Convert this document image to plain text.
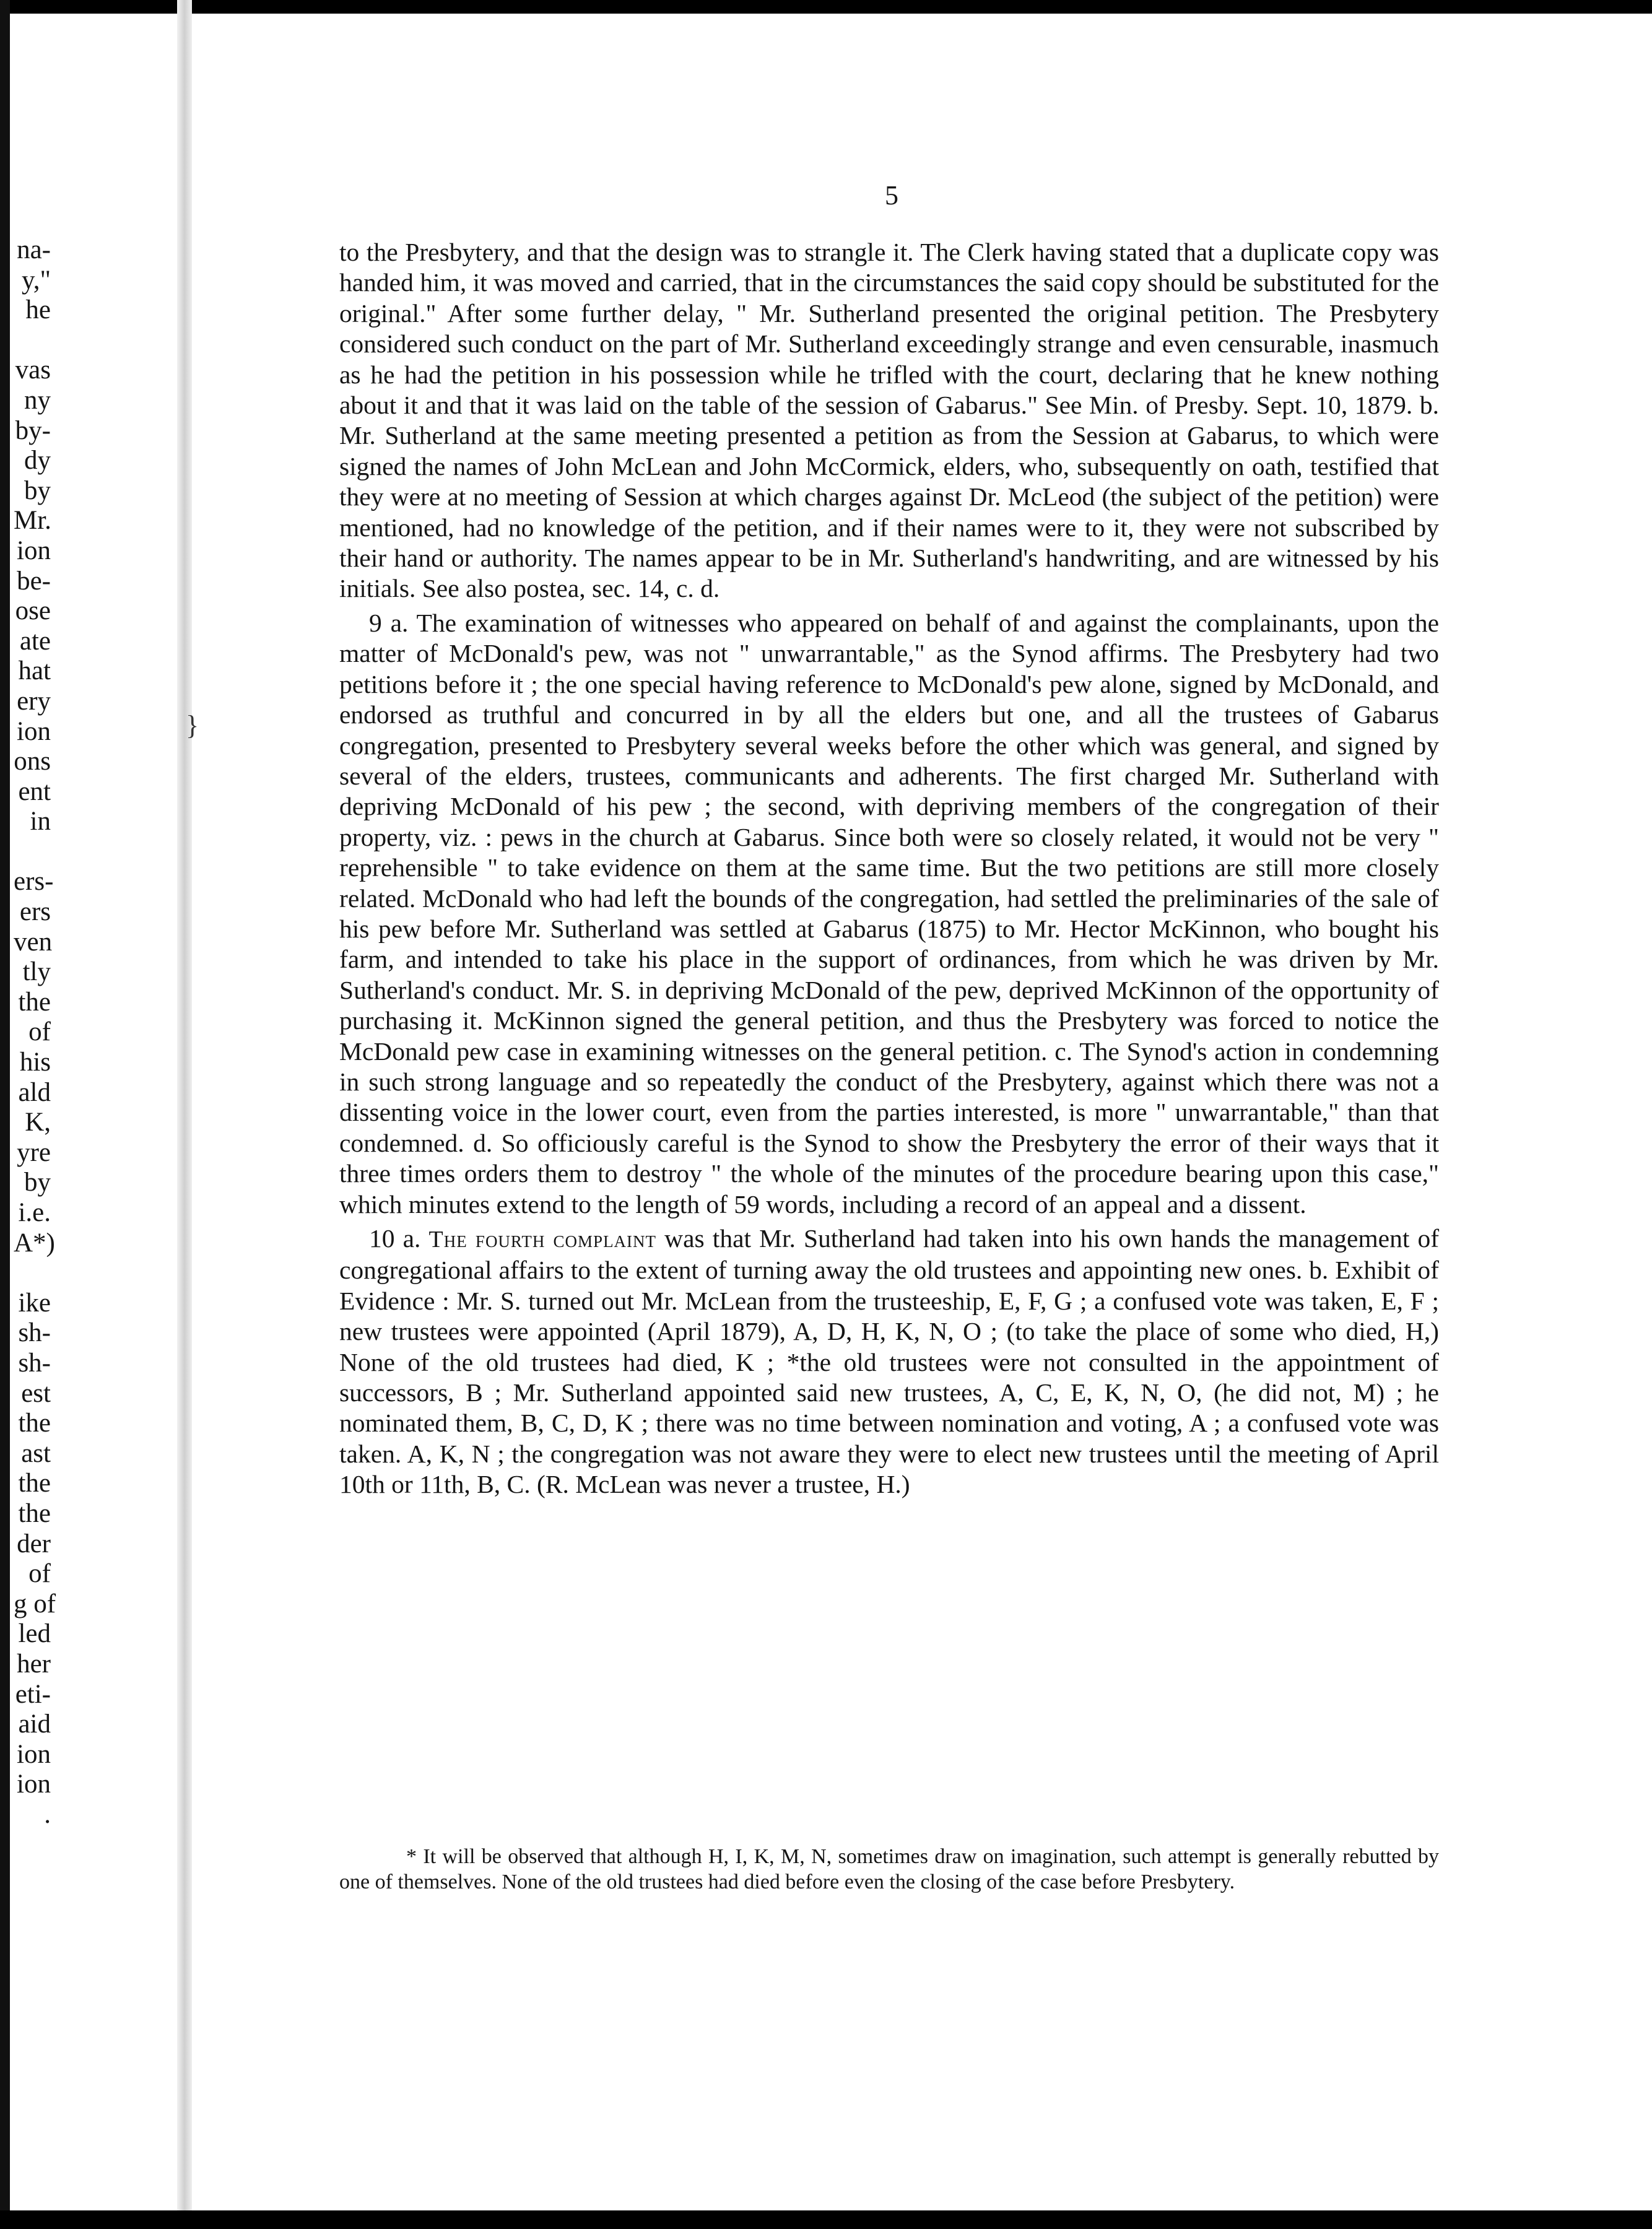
na-
y,"
he
vas
ny
by-
dy
by
Mr.
ion
be-
ose
ate
hat
ery
ion
ons
ent
in
ers-
ers
ven
tly
the
of
his
ald
K,
yre
by
i.e.
A*)
ike
sh-
sh-
est
the
ast
the
the
der
of
g of
led
her
eti-
aid
ion
ion
.
}
5

to the Presbytery, and that the design was to strangle it. The Clerk having stated that a duplicate copy was handed him, it was moved and carried, that in the circumstances the said copy should be substituted for the original." After some further delay, " Mr. Sutherland presented the original petition. The Presbytery considered such conduct on the part of Mr. Sutherland exceedingly strange and even censurable, inasmuch as he had the petition in his possession while he trifled with the court, declaring that he knew nothing about it and that it was laid on the table of the session of Gabarus." See Min. of Presby. Sept. 10, 1879. b. Mr. Sutherland at the same meeting presented a petition as from the Session at Gabarus, to which were signed the names of John McLean and John McCormick, elders, who, subsequently on oath, testified that they were at no meeting of Session at which charges against Dr. McLeod (the subject of the petition) were mentioned, had no knowledge of the petition, and if their names were to it, they were not subscribed by their hand or authority. The names appear to be in Mr. Sutherland's handwriting, and are witnessed by his initials. See also postea, sec. 14, c. d.

9 a. The examination of witnesses who appeared on behalf of and against the complainants, upon the matter of McDonald's pew, was not " unwarrantable," as the Synod affirms. The Presbytery had two petitions before it ; the one special having reference to McDonald's pew alone, signed by McDonald, and endorsed as truthful and concurred in by all the elders but one, and all the trustees of Gabarus congregation, presented to Presbytery several weeks before the other which was general, and signed by several of the elders, trustees, communicants and adherents. The first charged Mr. Sutherland with depriving McDonald of his pew ; the second, with depriving members of the congregation of their property, viz. : pews in the church at Gabarus. Since both were so closely related, it would not be very " reprehensible " to take evidence on them at the same time. But the two petitions are still more closely related. McDonald who had left the bounds of the congregation, had settled the preliminaries of the sale of his pew before Mr. Sutherland was settled at Gabarus (1875) to Mr. Hector McKinnon, who bought his farm, and intended to take his place in the support of ordinances, from which he was driven by Mr. Sutherland's conduct. Mr. S. in depriving McDonald of the pew, deprived McKinnon of the opportunity of purchasing it. McKinnon signed the general petition, and thus the Presbytery was forced to notice the McDonald pew case in examining witnesses on the general petition. c. The Synod's action in condemning in such strong language and so repeatedly the conduct of the Presbytery, against which there was not a dissenting voice in the lower court, even from the parties interested, is more " unwarrantable," than that condemned. d. So officiously careful is the Synod to show the Presbytery the error of their ways that it three times orders them to destroy " the whole of the minutes of the procedure bearing upon this case," which minutes extend to the length of 59 words, including a record of an appeal and a dissent.

10 a. The fourth complaint was that Mr. Sutherland had taken into his own hands the management of congregational affairs to the extent of turning away the old trustees and appointing new ones. b. Exhibit of Evidence : Mr. S. turned out Mr. McLean from the trusteeship, E, F, G ; a confused vote was taken, E, F ; new trustees were appointed (April 1879), A, D, H, K, N, O ; (to take the place of some who died, H,) None of the old trustees had died, K ; *the old trustees were not consulted in the appointment of successors, B ; Mr. Sutherland appointed said new trustees, A, C, E, K, N, O, (he did not, M) ; he nominated them, B, C, D, K ; there was no time between nomination and voting, A ; a confused vote was taken. A, K, N ; the congregation was not aware they were to elect new trustees until the meeting of April 10th or 11th, B, C. (R. McLean was never a trustee, H.)

* It will be observed that although H, I, K, M, N, sometimes draw on imagination, such attempt is generally rebutted by one of themselves. None of the old trustees had died before even the closing of the case before Presbytery.
